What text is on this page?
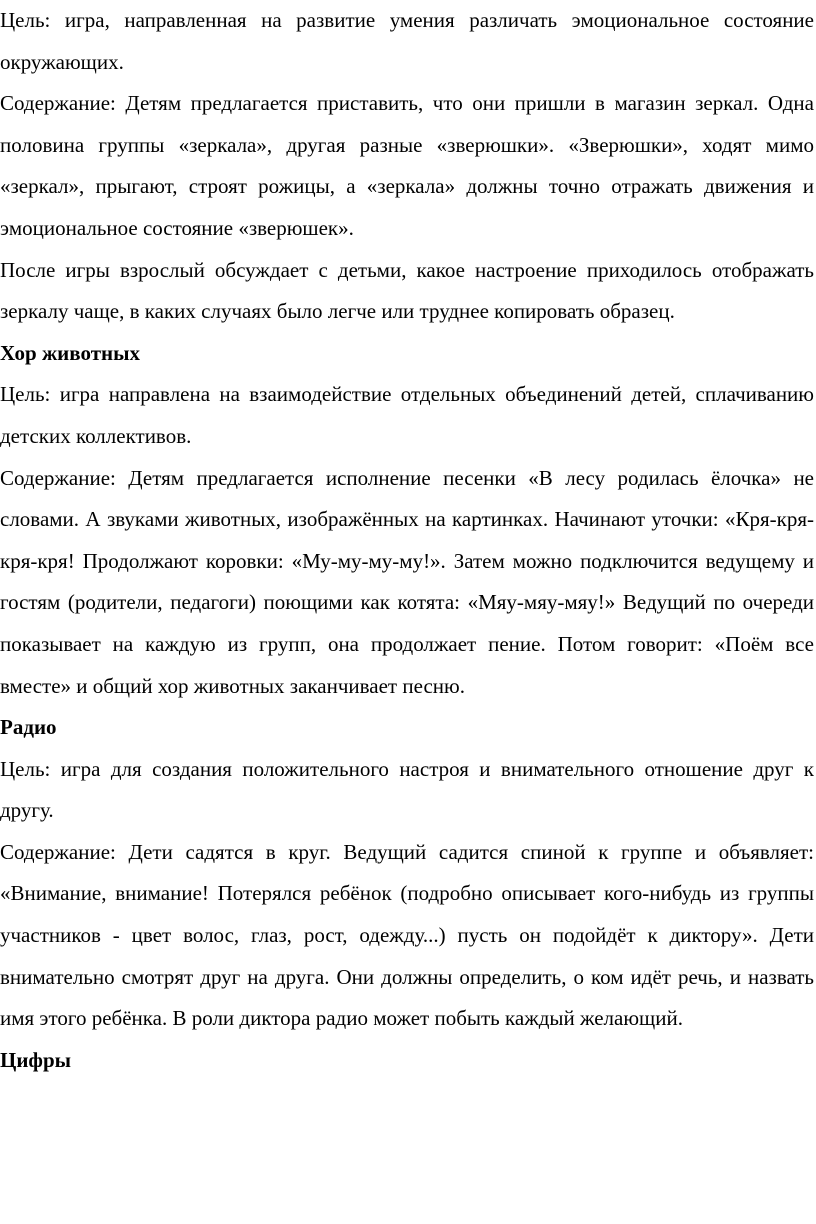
Цель: игра, направленная на развитие умения различать эмоциональное состояние окружающих.

Содержание: Детям предлагается приставить, что они пришли в магазин зеркал. Одна половина группы «зеркала», другая разные «зверюшки». «Зверюшки», ходят мимо «зеркал», прыгают, строят рожицы, а «зеркала» должны точно отражать движения и эмоциональное состояние «зверюшек».

После игры взрослый обсуждает с детьми, какое настроение приходилось отображать зеркалу чаще, в каких случаях было легче или труднее копировать образец.

Хор животных

Цель: игра направлена на взаимодействие отдельных объединений детей, сплачиванию детских коллективов.

Содержание: Детям предлагается исполнение песенки «В лесу родилась ёлочка» не словами. А звуками животных, изображённых на картинках. Начинают уточки: «Кря-кря-кря-кря! Продолжают коровки: «Му-му-му-му!». Затем можно подключится ведущему и гостям (родители, педагоги) поющими как котята: «Мяу-мяу-мяу!» Ведущий по очереди показывает на каждую из групп, она продолжает пение. Потом говорит: «Поём все вместе» и общий хор животных заканчивает песню.

Радио

Цель: игра для создания положительного настроя и внимательного отношение друг к другу.

Содержание: Дети садятся в круг. Ведущий садится спиной к группе и объявляет: «Внимание, внимание! Потерялся ребёнок (подробно описывает кого-нибудь из группы участников - цвет волос, глаз, рост, одежду...) пусть он подойдёт к диктору». Дети внимательно смотрят друг на друга. Они должны определить, о ком идёт речь, и назвать имя этого ребёнка. В роли диктора радио может побыть каждый желающий.

Цифры
